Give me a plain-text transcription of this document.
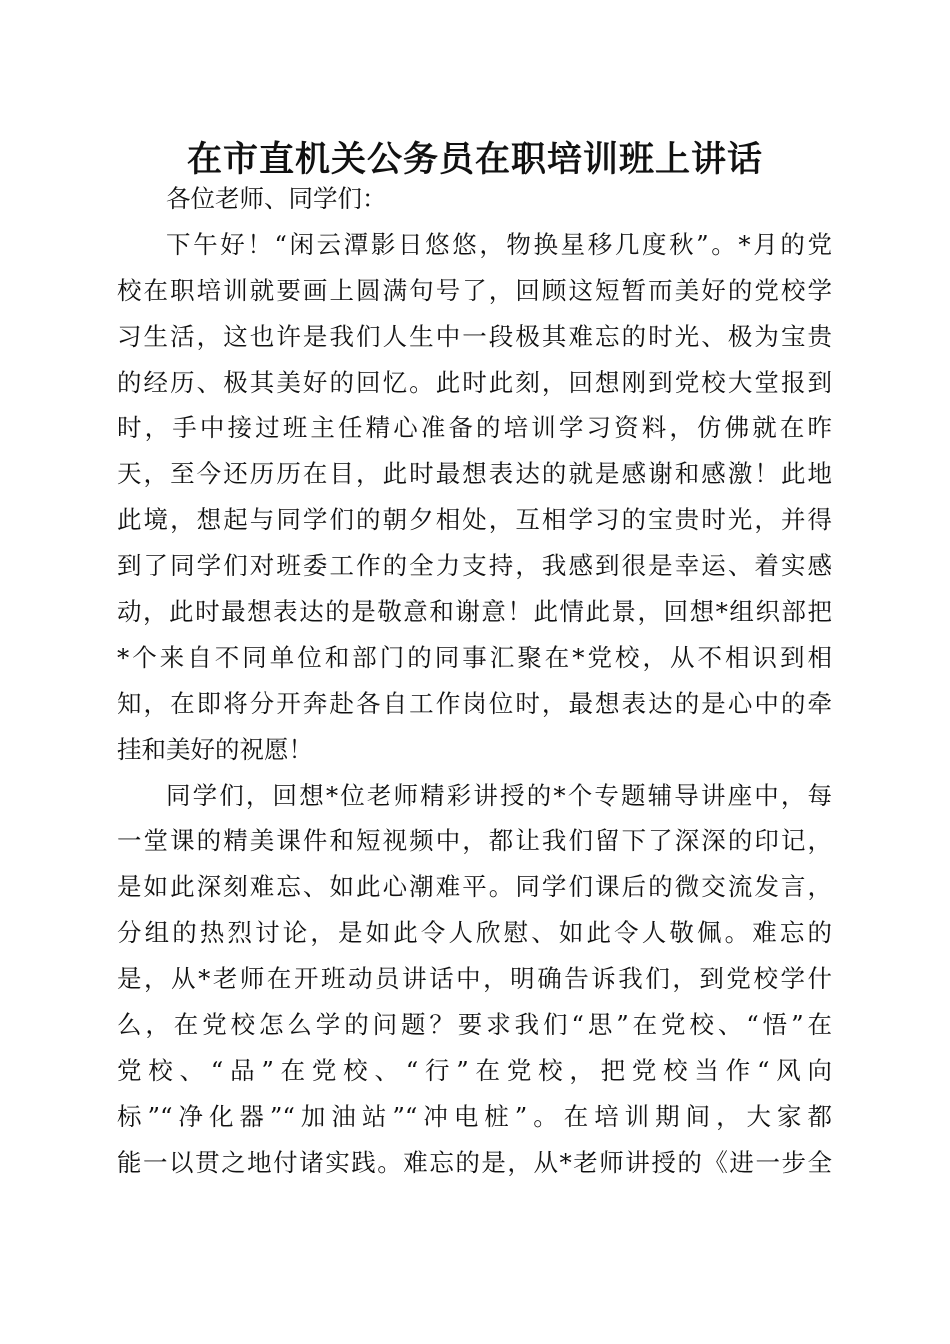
在市直机关公务员在职培训班上讲话

各位老师、同学们：

下午好！“闲云潭影日悠悠，物换星移几度秋”。*月的党

校在职培训就要画上圆满句号了，回顾这短暂而美好的党校学

习生活，这也许是我们人生中一段极其难忘的时光、极为宝贵

的经历、极其美好的回忆。此时此刻，回想刚到党校大堂报到

时，手中接过班主任精心准备的培训学习资料，仿佛就在昨

天，至今还历历在目，此时最想表达的就是感谢和感激！此地

此境，想起与同学们的朝夕相处，互相学习的宝贵时光，并得

到了同学们对班委工作的全力支持，我感到很是幸运、着实感

动，此时最想表达的是敬意和谢意！此情此景，回想*组织部把

*个来自不同单位和部门的同事汇聚在*党校，从不相识到相

知，在即将分开奔赴各自工作岗位时，最想表达的是心中的牵

挂和美好的祝愿！

同学们，回想*位老师精彩讲授的*个专题辅导讲座中，每

一堂课的精美课件和短视频中，都让我们留下了深深的印记，

是如此深刻难忘、如此心潮难平。同学们课后的微交流发言，

分组的热烈讨论，是如此令人欣慰、如此令人敬佩。难忘的

是，从*老师在开班动员讲话中，明确告诉我们，到党校学什

么，在党校怎么学的问题？要求我们“思”在党校、“悟”在

党校、“品”在党校、“行”在党校，把党校当作“风向

标”“净化器”“加油站”“冲电桩”。在培训期间，大家都

能一以贯之地付诸实践。难忘的是，从*老师讲授的《进一步全
